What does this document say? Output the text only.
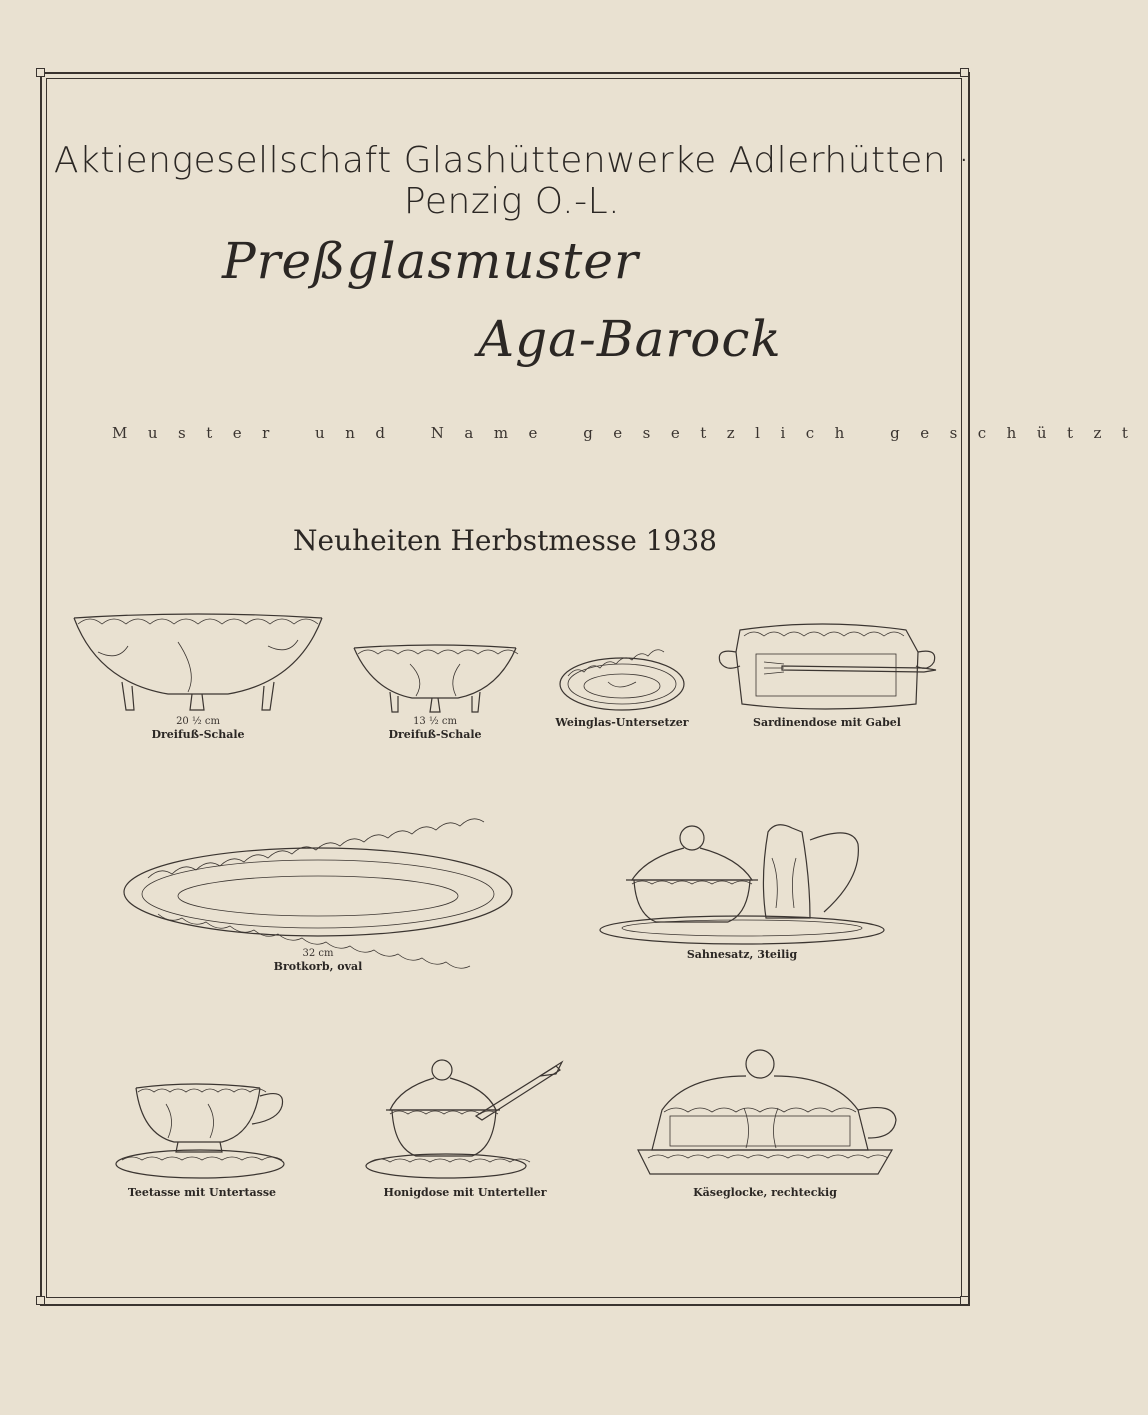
Aktiengesellschaft Glashüttenwerke Adlerhütten · Penzig O.-L.
Preßglasmuster
Aga-Barock
Muster und Name gesetzlich geschützt
Neuheiten Herbstmesse 1938
20 ½ cm
Dreifuß-Schale
13 ½ cm
Dreifuß-Schale
Weinglas-Untersetzer	Sardinendose mit Gabel
32 cm
Brotkorb, oval
Sahnesatz, 3teilig
Teetasse mit Untertasse	Honigdose mit Unterteller	Käseglocke, rechteckig
